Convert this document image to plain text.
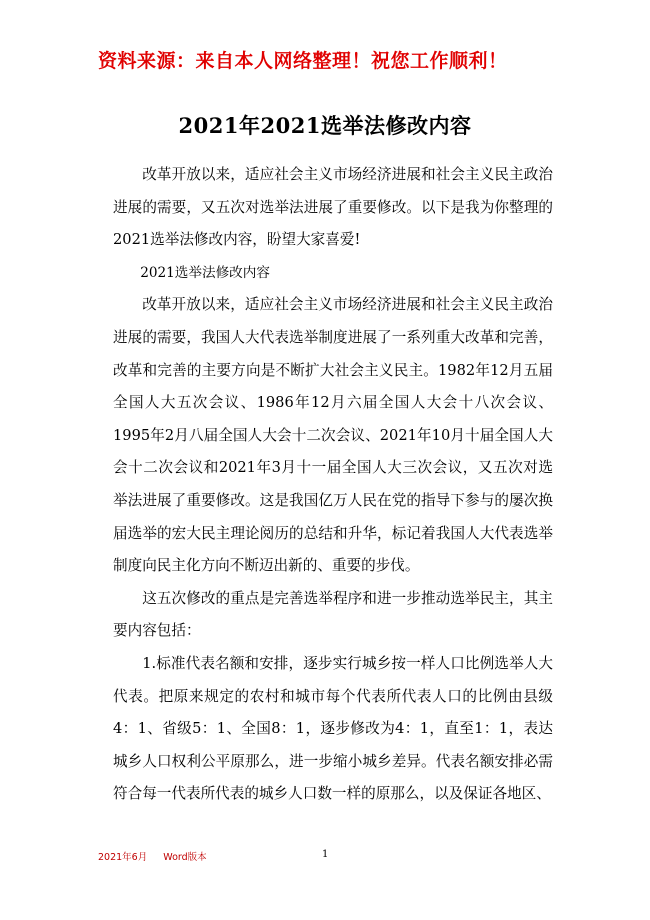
资料来源：来自本人网络整理！祝您工作顺利！
2021年2021选举法修改内容

改革开放以来，适应社会主义市场经济进展和社会主义民主政治进展的需要，又五次对选举法进展了重要修改。以下是我为你整理的2021选举法修改内容，盼望大家喜爱!

2021选举法修改内容

改革开放以来，适应社会主义市场经济进展和社会主义民主政治进展的需要，我国人大代表选举制度进展了一系列重大改革和完善，改革和完善的主要方向是不断扩大社会主义民主。1982年12月五届全国人大五次会议、1986年12月六届全国人大会十八次会议、1995年2月八届全国人大会十二次会议、2021年10月十届全国人大会十二次会议和2021年3月十一届全国人大三次会议，又五次对选举法进展了重要修改。这是我国亿万人民在党的指导下参与的屡次换届选举的宏大民主理论阅历的总结和升华，标记着我国人大代表选举制度向民主化方向不断迈出新的、重要的步伐。

这五次修改的重点是完善选举程序和进一步推动选举民主，其主要内容包括：

1.标准代表名额和安排，逐步实行城乡按一样人口比例选举人大代表。把原来规定的农村和城市每个代表所代表人口的比例由县级4：1、省级5：1、全国8：1，逐步修改为4：1，直至1：1，表达城乡人口权利公平原那么，进一步缩小城乡差异。代表名额安排必需符合每一代表所代表的城乡人口数一样的原那么，以及保证各地区、

2021年6月 Word版本	1
